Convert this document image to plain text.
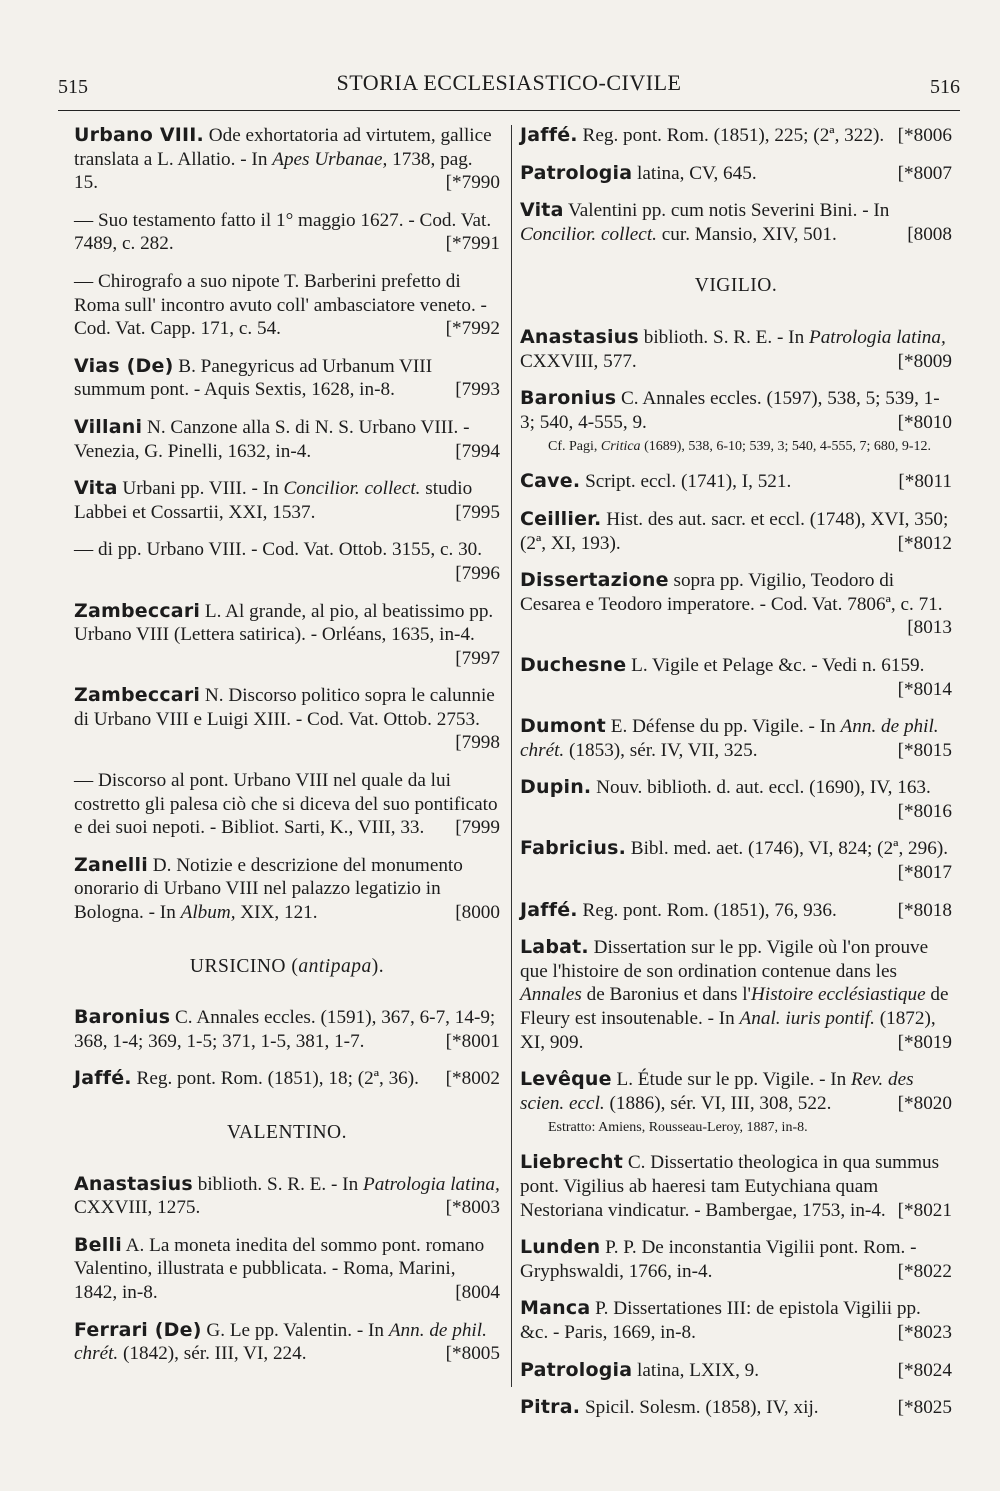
515	STORIA ECCLESIASTICO-CIVILE	516
Urbano VIII. Ode exhortatoria ad virtutem, gallice translata a L. Allatio. - In Apes Urbanae, 1738, pag. 15.	[*7990
— Suo testamento fatto il 1° maggio 1627. - Cod. Vat. 7489, c. 282.	[*7991
— Chirografo a suo nipote T. Barberini prefetto di Roma sull' incontro avuto coll' ambasciatore veneto. - Cod. Vat. Capp. 171, c. 54.	[*7992
Vias (De) B. Panegyricus ad Urbanum VIII summum pont. - Aquis Sextis, 1628, in-8.	[7993
Villani N. Canzone alla S. di N. S. Urbano VIII. - Venezia, G. Pinelli, 1632, in-4.	[7994
Vita Urbani pp. VIII. - In Concilior. collect. studio Labbei et Cossartii, XXI, 1537.	[7995
— di pp. Urbano VIII. - Cod. Vat. Ottob. 3155, c. 30.
[7996
Zambeccari L. Al grande, al pio, al beatissimo pp. Urbano VIII (Lettera satirica). - Orléans, 1635, in-4.
[7997
Zambeccari N. Discorso politico sopra le calunnie di Urbano VIII e Luigi XIII. - Cod. Vat. Ottob. 2753.
[7998
— Discorso al pont. Urbano VIII nel quale da lui costretto gli palesa ciò che si diceva del suo pontificato e dei suoi nepoti. - Bibliot. Sarti, K., VIII, 33. [7999
Zanelli D. Notizie e descrizione del monumento onorario di Urbano VIII nel palazzo legatizio in Bologna. - In Album, XIX, 121.	[8000
URSICINO (antipapa).
Baronius C. Annales eccles. (1591), 367, 6-7, 14-9; 368, 1-4; 369, 1-5; 371, 1-5, 381, 1-7.	[*8001
Jaffé. Reg. pont. Rom. (1851), 18; (2ª, 36). [*8002
VALENTINO.
Anastasius biblioth. S. R. E. - In Patrologia latina, CXXVIII, 1275.	[*8003
Belli A. La moneta inedita del sommo pont. romano Valentino, illustrata e pubblicata. - Roma, Marini, 1842, in-8.	[8004
Ferrari (De) G. Le pp. Valentin. - In Ann. de phil. chrét. (1842), sér. III, VI, 224.	[*8005
Jaffé. Reg. pont. Rom. (1851), 225; (2ª, 322). [*8006
Patrologia latina, CV, 645.	[*8007
Vita Valentini pp. cum notis Severini Bini. - In Concilior. collect. cur. Mansio, XIV, 501.	[8008
VIGILIO.
Anastasius biblioth. S. R. E. - In Patrologia latina, CXXVIII, 577.	[*8009
Baronius C. Annales eccles. (1597), 538, 5; 539, 1-3; 540, 4-555, 9.	[*8010
Cf. Pagi, Critica (1689), 538, 6-10; 539, 3; 540, 4-555, 7; 680, 9-12.
Cave. Script. eccl. (1741), I, 521.	[*8011
Ceillier. Hist. des aut. sacr. et eccl. (1748), XVI, 350; (2ª, XI, 193).	[*8012
Dissertazione sopra pp. Vigilio, Teodoro di Cesarea e Teodoro imperatore. - Cod. Vat. 7806ª, c. 71.
[8013
Duchesne L. Vigile et Pelage &c. - Vedi n. 6159.
[*8014
Dumont E. Défense du pp. Vigile. - In Ann. de phil. chrét. (1853), sér. IV, VII, 325.	[*8015
Dupin. Nouv. biblioth. d. aut. eccl. (1690), IV, 163.
[*8016
Fabricius. Bibl. med. aet. (1746), VI, 824; (2ª, 296).
[*8017
Jaffé. Reg. pont. Rom. (1851), 76, 936.	[*8018
Labat. Dissertation sur le pp. Vigile où l'on prouve que l'histoire de son ordination contenue dans les Annales de Baronius et dans l'Histoire ecclésiastique de Fleury est insoutenable. - In Anal. iuris pontif. (1872), XI, 909.	[*8019
Levêque L. Étude sur le pp. Vigile. - In Rev. des scien. eccl. (1886), sér. VI, III, 308, 522.	[*8020
Estratto: Amiens, Rousseau-Leroy, 1887, in-8.
Liebrecht C. Dissertatio theologica in qua summus pont. Vigilius ab haeresi tam Eutychiana quam Nestoriana vindicatur. - Bambergae, 1753, in-4. [*8021
Lunden P. P. De inconstantia Vigilii pont. Rom. - Gryphswaldi, 1766, in-4.	[*8022
Manca P. Dissertationes III: de epistola Vigilii pp. &c. - Paris, 1669, in-8.	[*8023
Patrologia latina, LXIX, 9.	[*8024
Pitra. Spicil. Solesm. (1858), IV, xij.	[*8025
